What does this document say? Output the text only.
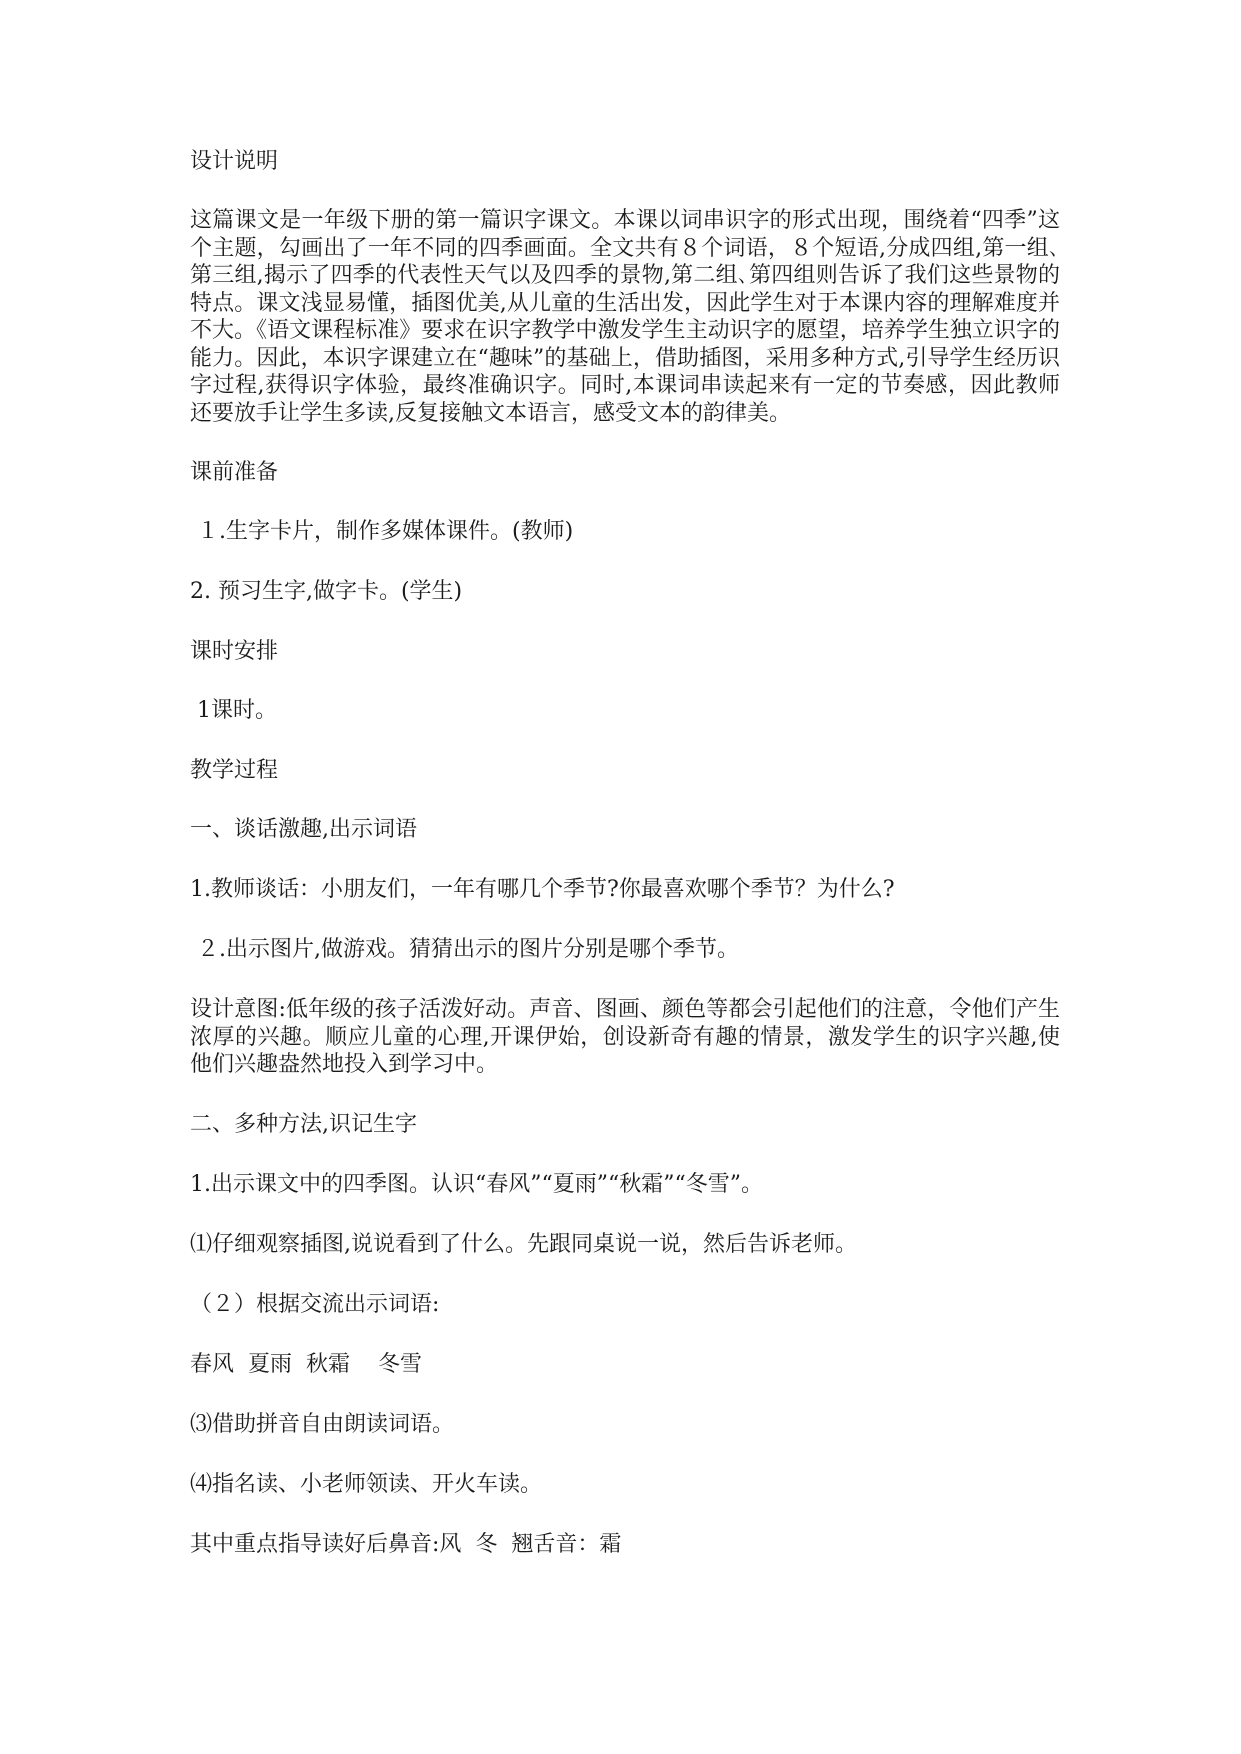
设计说明

这篇课文是一年级下册的第一篇识字课文。本课以词串识字的形式出现，围绕着“四季”这个主题，勾画出了一年不同的四季画面。全文共有８个词语，８个短语,分成四组,第一组､第三组,揭示了四季的代表性天气以及四季的景物,第二组､第四组则告诉了我们这些景物的特点。课文浅显易懂，插图优美,从儿童的生活出发，因此学生对于本课内容的理解难度并不大。《语文课程标准》要求在识字教学中激发学生主动识字的愿望，培养学生独立识字的能力。因此，本识字课建立在“趣味”的基础上，借助插图，采用多种方式,引导学生经历识字过程,获得识字体验，最终准确识字。同时,本课词串读起来有一定的节奏感，因此教师还要放手让学生多读,反复接触文本语言，感受文本的韵律美。

课前准备

１.生字卡片，制作多媒体课件。(教师)

2. 预习生字,做字卡。(学生)

课时安排

1课时。

教学过程

一、谈话激趣,出示词语

1.教师谈话：小朋友们，一年有哪几个季节?你最喜欢哪个季节？为什么?

２.出示图片,做游戏。猜猜出示的图片分别是哪个季节。

设计意图:低年级的孩子活泼好动。声音、图画、颜色等都会引起他们的注意，令他们产生浓厚的兴趣。顺应儿童的心理,开课伊始，创设新奇有趣的情景，激发学生的识字兴趣,使他们兴趣盎然地投入到学习中。

二、多种方法,识记生字

1.出示课文中的四季图。认识“春风”“夏雨”“秋霜”“冬雪”。

⑴仔细观察插图,说说看到了什么。先跟同桌说一说，然后告诉老师。

（２）根据交流出示词语:

春风  夏雨  秋霜    冬雪

⑶借助拼音自由朗读词语。

⑷指名读、小老师领读、开火车读。

其中重点指导读好后鼻音:风  冬  翘舌音：霜
